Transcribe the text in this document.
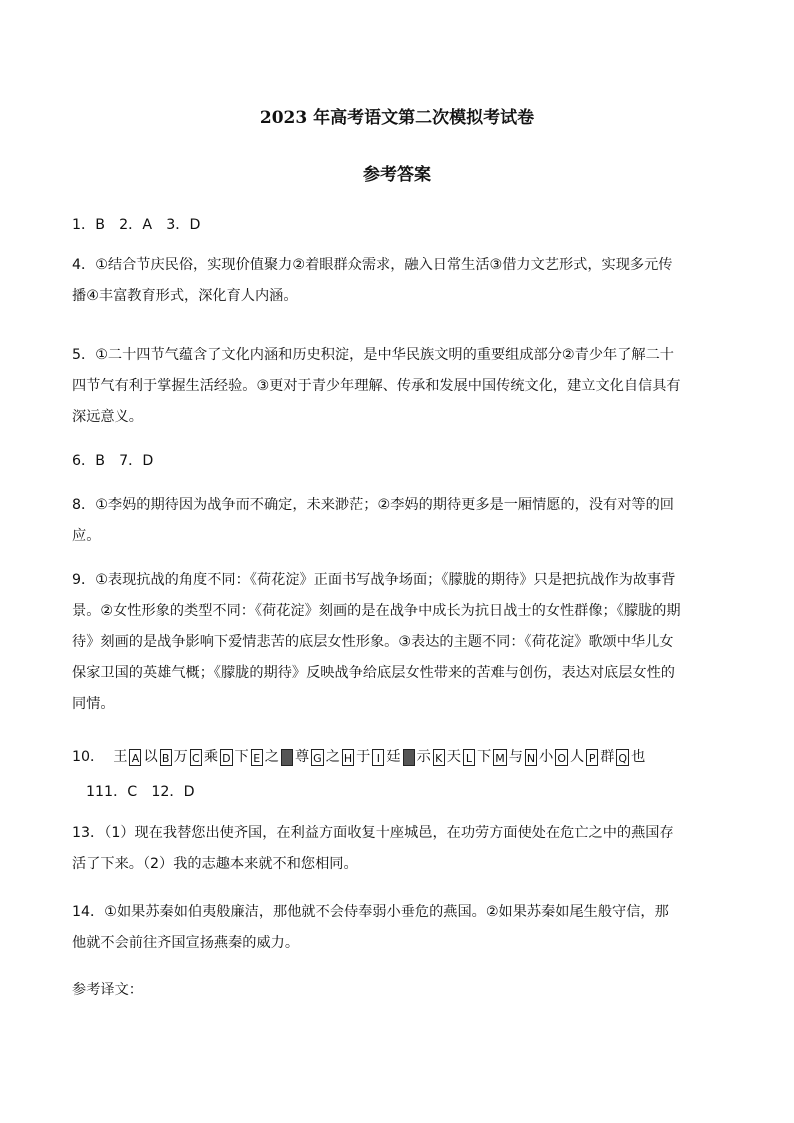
2023 年高考语文第二次模拟考试卷
参考答案

1．B　2．A　3．D

4．①结合节庆民俗，实现价值聚力②着眼群众需求，融入日常生活③借力文艺形式，实现多元传播④丰富教育形式，深化育人内涵。

5．①二十四节气蕴含了文化内涵和历史积淀，是中华民族文明的重要组成部分②青少年了解二十四节气有利于掌握生活经验。③更对于青少年理解、传承和发展中国传统文化，建立文化自信具有深远意义。

6．B　7．D

8．①李妈的期待因为战争而不确定，未来渺茫；②李妈的期待更多是一厢情愿的，没有对等的回应。

9．①表现抗战的角度不同：《荷花淀》正面书写战争场面；《朦胧的期待》只是把抗战作为故事背景。②女性形象的类型不同：《荷花淀》刻画的是在战争中成长为抗日战士的女性群像；《朦胧的期待》刻画的是战争影响下爱情悲苦的底层女性形象。③表达的主题不同：《荷花淀》歌颂中华儿女保家卫国的英雄气概；《朦胧的期待》反映战争给底层女性带来的苦难与创伤，表达对底层女性的同情。

10． 王 A 以 B 万 C 乘 D 下 E 之 F 尊 G 之 H 于 I 廷 J 示 K 天 L 下 M 与 N 小 O 人 P 群 Q 也

111．C　12．D

13．（1）现在我替您出使齐国，在利益方面收复十座城邑，在功劳方面使处在危亡之中的燕国存活了下来。（2）我的志趣本来就不和您相同。

14．①如果苏秦如伯夷般廉洁，那他就不会侍奉弱小垂危的燕国。②如果苏秦如尾生般守信，那他就不会前往齐国宣扬燕秦的威力。

参考译文：
